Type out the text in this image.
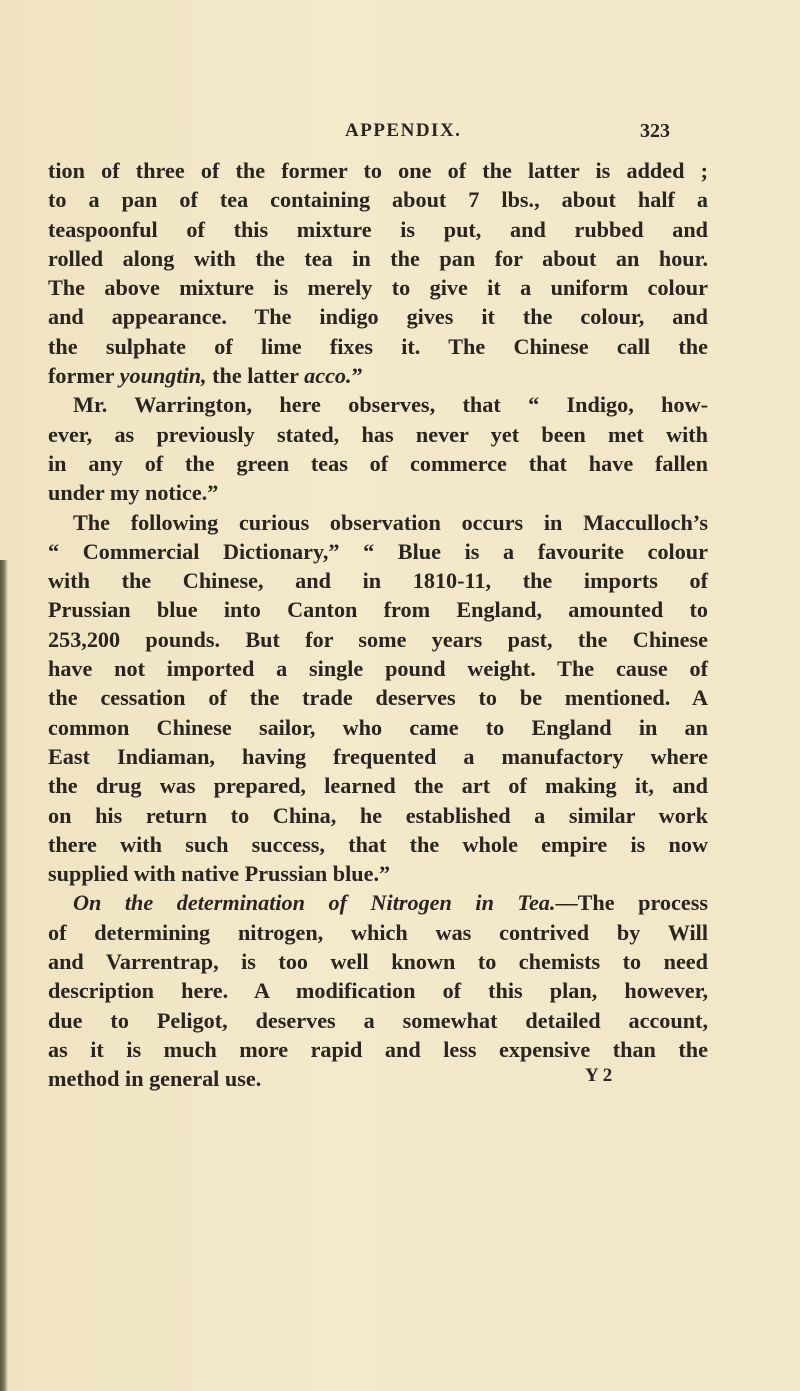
APPENDIX.	323
tion of three of the former to one of the latter is added ;
to a pan of tea containing about 7 lbs., about half a
teaspoonful of this mixture is put, and rubbed and
rolled along with the tea in the pan for about an hour.
The above mixture is merely to give it a uniform colour
and appearance. The indigo gives it the colour, and
the sulphate of lime fixes it. The Chinese call the
former youngtin, the latter acco.”
Mr. Warrington, here observes, that “ Indigo, how-
ever, as previously stated, has never yet been met with
in any of the green teas of commerce that have fallen
under my notice.”
The following curious observation occurs in Macculloch’s
“ Commercial Dictionary,” “ Blue is a favourite colour
with the Chinese, and in 1810-11, the imports of
Prussian blue into Canton from England, amounted to
253,200 pounds. But for some years past, the Chinese
have not imported a single pound weight. The cause of
the cessation of the trade deserves to be mentioned. A
common Chinese sailor, who came to England in an
East Indiaman, having frequented a manufactory where
the drug was prepared, learned the art of making it, and
on his return to China, he established a similar work
there with such success, that the whole empire is now
supplied with native Prussian blue.”
On the determination of Nitrogen in Tea.—The process
of determining nitrogen, which was contrived by Will
and Varrentrap, is too well known to chemists to need
description here. A modification of this plan, however,
due to Peligot, deserves a somewhat detailed account,
as it is much more rapid and less expensive than the
method in general use.	Y 2
